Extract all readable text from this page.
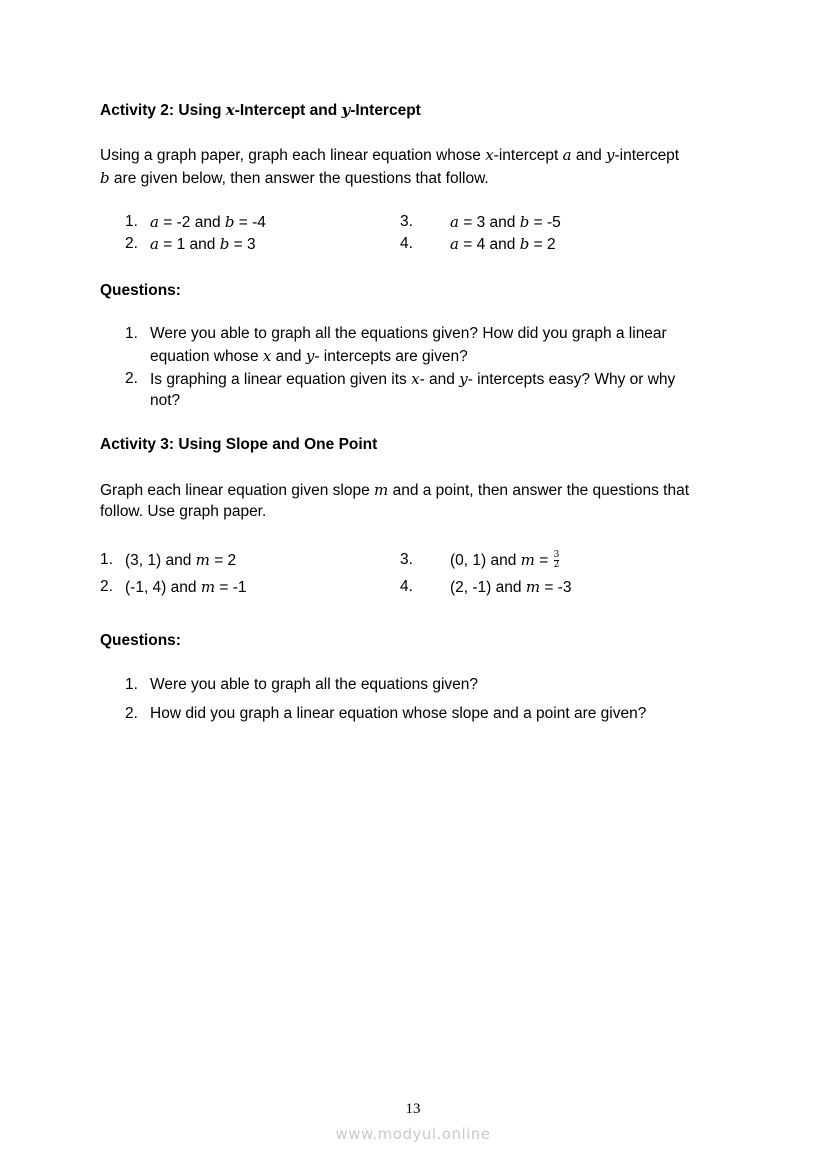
Activity 2: Using x-Intercept and y-Intercept
Using a graph paper, graph each linear equation whose x-intercept a and y-intercept
b are given below, then answer the questions that follow.
1. a = -2 and b = -4
2. a = 1 and b = 3
3. a = 3 and b = -5
4. a = 4 and b = 2
Questions:
1. Were you able to graph all the equations given? How did you graph a linear
equation whose x and y- intercepts are given?
2. Is graphing a linear equation given its x- and y- intercepts easy? Why or why
not?
Activity 3: Using Slope and One Point
Graph each linear equation given slope m and a point, then answer the questions that
follow. Use graph paper.
1. (3, 1) and m = 2
2. (-1, 4) and m = -1
3. (0, 1) and $m = \frac{3}{2}$
4. (2, -1) and m = -3
Questions:
1. Were you able to graph all the equations given?
2. How did you graph a linear equation whose slope and a point are given?
13
www.modyul.online
